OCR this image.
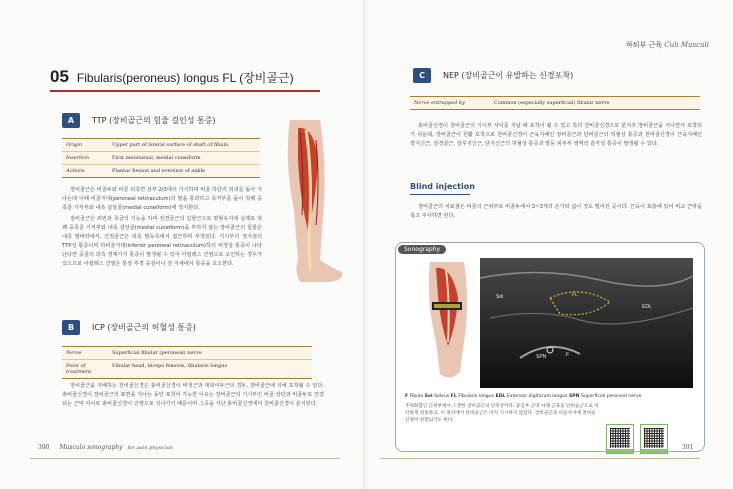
05 Fibularis(peroneus) longus FL (장비골근)
A	TTP (장비골근의 힘줄 걸인성 통증)
Origin	Upper part of lateral surface of shaft of fibula
Insertion	First metatarsal, medial cuneiform
Actions	Plantar flexion and eversion of ankle

장비골근은 비골두와 비골 외측면 상부 2/3에서 기시하며 비골 하단의 외과를 돌아 지나는데 이때 비골지대(peroneal retinaculum)의 밑을 통과하고 족저부를 돌이 첫째 중족골 기저부와 내측 설상골(medial cuneiform)에 정지한다.

장비골근은 외번과 족굴의 기능을 하며 전경골근의 길항근으로 평형유지에 실제로 첫째 중족골 기저부와 내측 설상골(medial cuneiform)을 부하지 않는 장비골근의 힘줄은 내측 발바닥에서, 건정골근은 외측 발등측에서 접근하며 부착된다. 기시부의 정지점의 TTP성 통증이며 하비골지대(inferior peroneal retinaculum)하의 비정상 통증이 나타난다면 중골의 외측 경계가지 통증이 발생될 수 있어 아킬레스 건염으로 오인하는 경우가 있으므로 아킬레스 건염은 통상 후경 중심이나 전 지체에서 통증을 호소한다.

B	ICP (장비골근의 허혈성 통증)
Nerve	Superficial fibular (peroneal) nerve
Point of treatment	Fibular head, biceps femoris, fibularis longus

장비골근을 지배하는 천비골신경은 총비골신경이 비정근과 대퇴이두근의 경두, 장비골근에 의해 포착될 수 있다. 총비골신경이 장비골근의 표면을 지나는 동안 포착이 가능한 이유는 장비골근의 기시부인 비골 상단과 비골두로 연결되는 근막 사이로 총비골신경이 진행으로 지나가기 때문이며 그곳을 지난 총비골신경에서 천비골신경이 분지된다.

390 Musculo sonography for pain physician
하퇴부 근육 Culi Musculi
C	NEP (장비골근이 유발하는 신경포착)
Nerve entrapped by	Common (especially superficial) fibular nerve

총비골신경이 장비골근의 기시부 사이를 지날 때 포착이 될 수 있고 특히 천비골신경으로 분지후 장비골근을 지나면서 포착되기 쉬운데, 장비골근이 원활 포착으로 천비골신경이 근육지배인 장비골근과 단비골근의 허혈성 통증과 천비골신경이 근육지배인 장지신근, 전경골근, 장무지신근, 단지신근의 허혈성 통증과 발등 피부부 영역의 감각성 통증이 발생될 수 있다.

Blind injection

장비골근의 치료점은 비골의 근위부로 비골두에서 2~3개의 손가락 넓이 정도 떨어진 곳이다. 근육이 표층에 있어 비교 근막을 촉고 주사하면 된다.

Sonography
Sol	FL
EDL
SPN	F
F Fibula Sol Soleus FL Fibularis longus EDL Extensor digitorum longus SPN Superficial peroneal nerve
주위화합인 근위부에서 스캔한 장비골근의 단축상이다. 중심부 근막 아래 근육을 단비골근으로 착각하게 엉뚱하고, 이 위치에서 단비골근은 아직 기시하지 않았다. 장비골근과 비골사이에 천비골신경이 관찰되기도 한다.
391
